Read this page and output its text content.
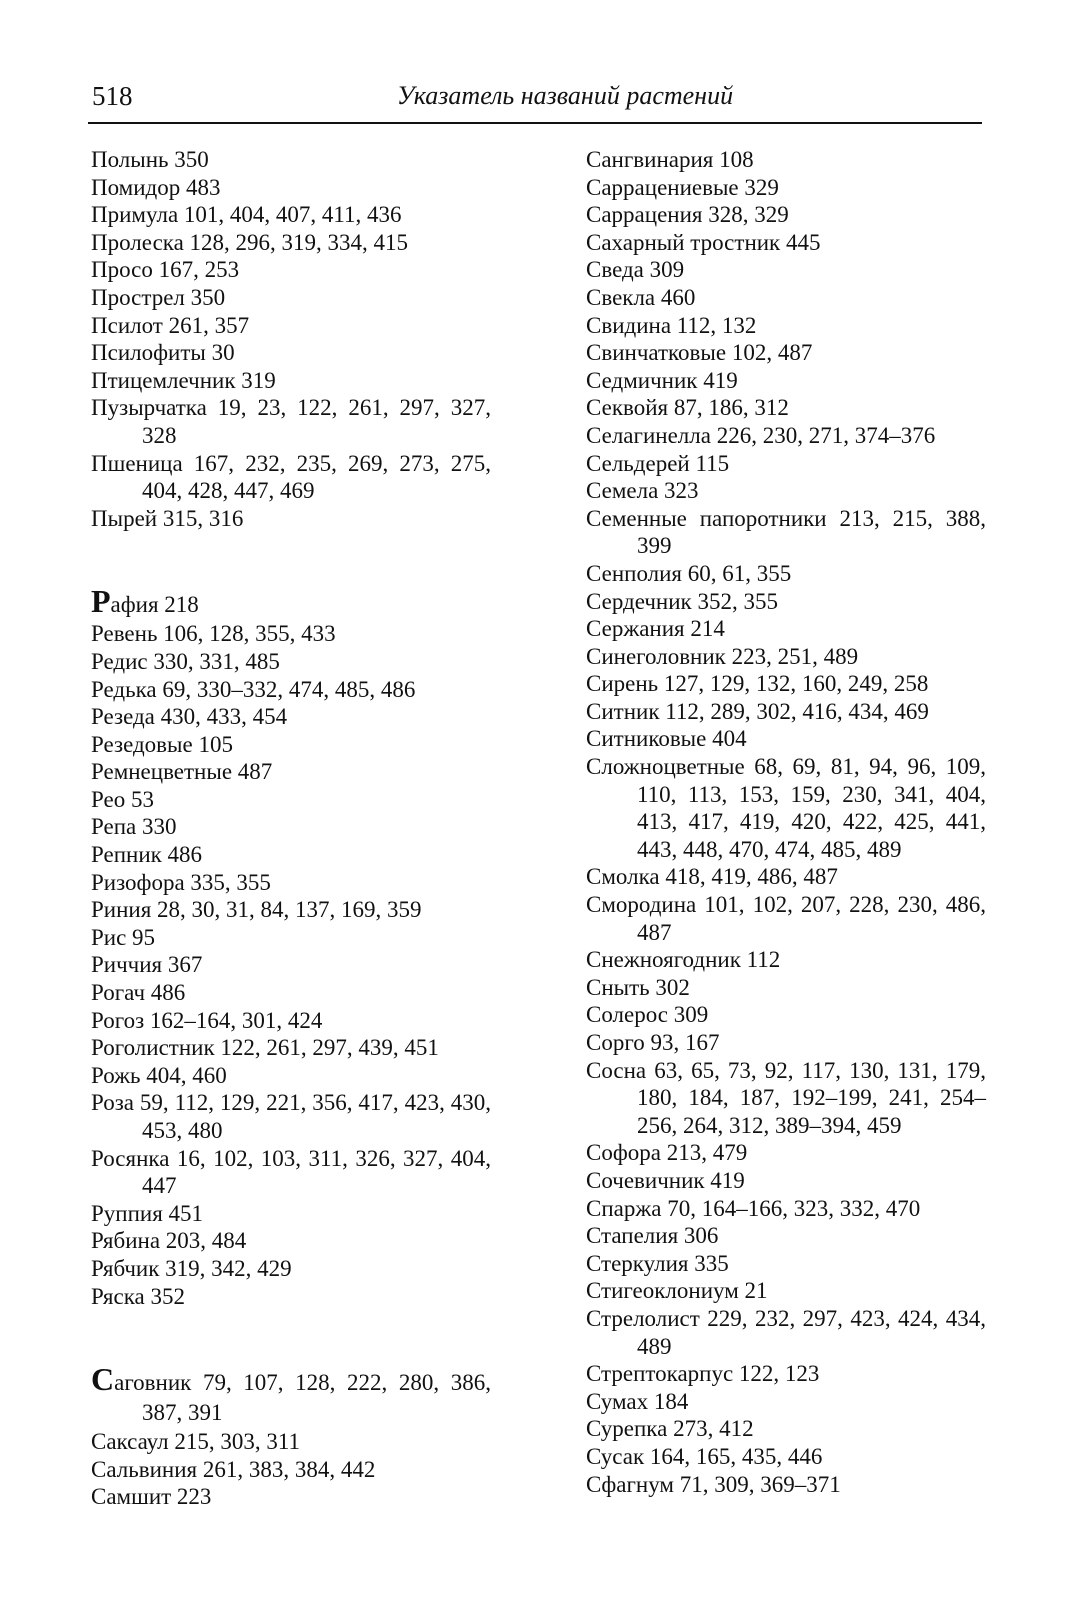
518	Указатель названий растений
Полынь 350
Помидор 483
Примула 101, 404, 407, 411, 436
Пролеска 128, 296, 319, 334, 415
Просо 167, 253
Прострел 350
Псилот 261, 357
Псилофиты 30
Птицемлечник 319
Пузырчатка 19, 23, 122, 261, 297, 327, 328
Пшеница 167, 232, 235, 269, 273, 275, 404, 428, 447, 469
Пырей 315, 316
Рафия 218
Ревень 106, 128, 355, 433
Редис 330, 331, 485
Редька 69, 330–332, 474, 485, 486
Резеда 430, 433, 454
Резедовые 105
Ремнецветные 487
Рео 53
Репа 330
Репник 486
Ризофора 335, 355
Риния 28, 30, 31, 84, 137, 169, 359
Рис 95
Риччия 367
Рогач 486
Рогоз 162–164, 301, 424
Роголистник 122, 261, 297, 439, 451
Рожь 404, 460
Роза 59, 112, 129, 221, 356, 417, 423, 430, 453, 480
Росянка 16, 102, 103, 311, 326, 327, 404, 447
Руппия 451
Рябина 203, 484
Рябчик 319, 342, 429
Ряска 352
Саговник 79, 107, 128, 222, 280, 386, 387, 391
Саксаул 215, 303, 311
Сальвиния 261, 383, 384, 442
Самшит 223
Сангвинария 108
Саррацениевые 329
Саррацения 328, 329
Сахарный тростник 445
Сведа 309
Свекла 460
Свидина 112, 132
Свинчатковые 102, 487
Седмичник 419
Секвойя 87, 186, 312
Селагинелла 226, 230, 271, 374–376
Сельдерей 115
Семела 323
Семенные папоротники 213, 215, 388, 399
Сенполия 60, 61, 355
Сердечник 352, 355
Сержания 214
Синеголовник 223, 251, 489
Сирень 127, 129, 132, 160, 249, 258
Ситник 112, 289, 302, 416, 434, 469
Ситниковые 404
Сложноцветные 68, 69, 81, 94, 96, 109, 110, 113, 153, 159, 230, 341, 404, 413, 417, 419, 420, 422, 425, 441, 443, 448, 470, 474, 485, 489
Смолка 418, 419, 486, 487
Смородина 101, 102, 207, 228, 230, 486, 487
Снежноягодник 112
Сныть 302
Солерос 309
Сорго 93, 167
Сосна 63, 65, 73, 92, 117, 130, 131, 179, 180, 184, 187, 192–199, 241, 254–256, 264, 312, 389–394, 459
Софора 213, 479
Сочевичник 419
Спаржа 70, 164–166, 323, 332, 470
Стапелия 306
Стеркулия 335
Стигеоклониум 21
Стрелолист 229, 232, 297, 423, 424, 434, 489
Стрептокарпус 122, 123
Сумах 184
Сурепка 273, 412
Сусак 164, 165, 435, 446
Сфагнум 71, 309, 369–371
